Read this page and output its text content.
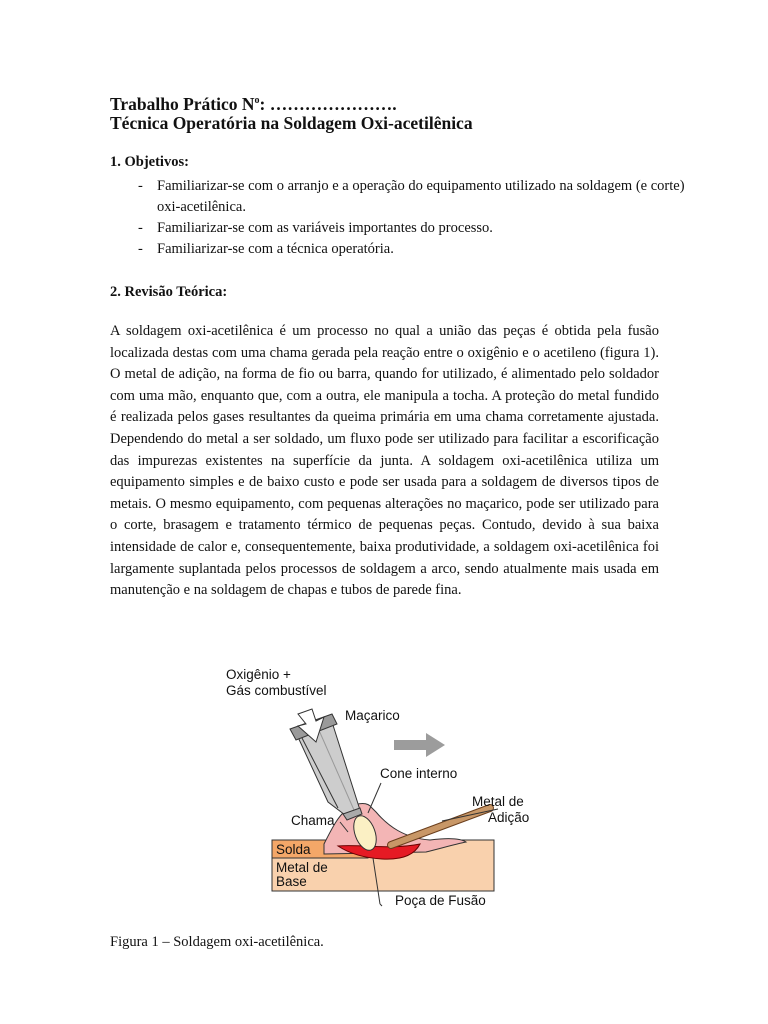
Trabalho Prático $N^o$: ………………….
Técnica Operatória na Soldagem Oxi-acetilênica
1. Objetivos:
- Familiarizar-se com o arranjo e a operação do equipamento utilizado na soldagem (e corte) oxi-acetilênica.
- Familiarizar-se com as variáveis importantes do processo.
- Familiarizar-se com a técnica operatória.
2. Revisão Teórica:

A soldagem oxi-acetilênica é um processo no qual a união das peças é obtida pela fusão localizada destas com uma chama gerada pela reação entre o oxigênio e o acetileno (figura 1). O metal de adição, na forma de fio ou barra, quando for utilizado, é alimentado pelo soldador com uma mão, enquanto que, com a outra, ele manipula a tocha. A proteção do metal fundido é realizada pelos gases resultantes da queima primária em uma chama corretamente ajustada. Dependendo do metal a ser soldado, um fluxo pode ser utilizado para facilitar a escorificação das impurezas existentes na superfície da junta. A soldagem oxi-acetilênica utiliza um equipamento simples e de baixo custo e pode ser usada para a soldagem de diversos tipos de metais. O mesmo equipamento, com pequenas alterações no maçarico, pode ser utilizado para o corte, brasagem e tratamento térmico de pequenas peças. Contudo, devido à sua baixa intensidade de calor e, consequentemente, baixa produtividade, a soldagem oxi-acetilênica foi largamente suplantada pelos processos de soldagem a arco, sendo atualmente mais usada em manutenção e na soldagem de chapas e tubos de parede fina.

Oxigênio +
Gás combustível
Maçarico
Cone interno
Metal de
Adição
Chama
Solda
Metal de
Base
Poça de Fusão
Figura 1 – Soldagem oxi-acetilênica.
